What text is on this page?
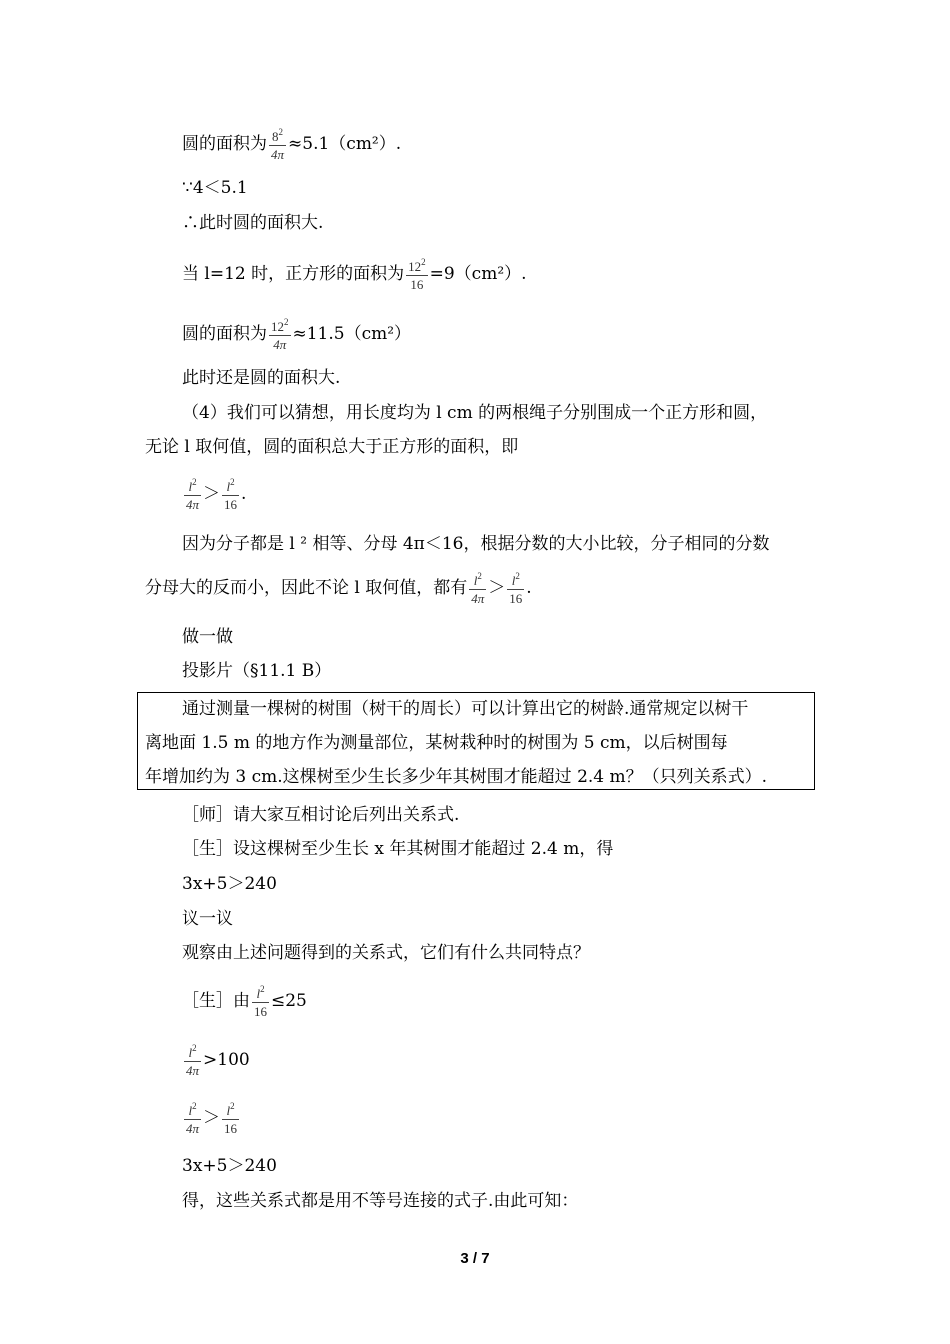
圆的面积为 $\frac{8^2}{4\pi} \approx 5.1(cm^2)$.
∵4＜5.1
∴此时圆的面积大.
当 l=12 时，正方形的面积为 $\frac{12^2}{16} =9(cm^2)$.
圆的面积为 $\frac{12^2}{4\pi} \approx 11.5(cm^2)$
此时还是圆的面积大.
（4）我们可以猜想，用长度均为 l cm 的两根绳子分别围成一个正方形和圆，
无论 l 取何值，圆的面积总大于正方形的面积，即
$\frac{l^2}{4\pi} > \frac{l^2}{16}$ .
因为分子都是 l ² 相等、分母 4π＜16，根据分数的大小比较，分子相同的分数
分母大的反而小，因此不论 l 取何值，都有 $\frac{l^2}{4\pi} > \frac{l^2}{16}$ .
做一做
投影片（§11.1 B）
通过测量一棵树的树围（树干的周长）可以计算出它的树龄.通常规定以树干
离地面 1.5 m 的地方作为测量部位，某树栽种时的树围为 5 cm，以后树围每
年增加约为 3 cm.这棵树至少生长多少年其树围才能超过 2.4 m？（只列关系式）.
［师］请大家互相讨论后列出关系式.
［生］设这棵树至少生长 x 年其树围才能超过 2.4 m，得
3x+5＞240
议一议
观察由上述问题得到的关系式，它们有什么共同特点？
［生］由 $\frac{l^2}{16} \le 25$
$\frac{l^2}{4\pi} >100$
$\frac{l^2}{4\pi} > \frac{l^2}{16}$
3x+5＞240
得，这些关系式都是用不等号连接的式子.由此可知：
3 / 7
